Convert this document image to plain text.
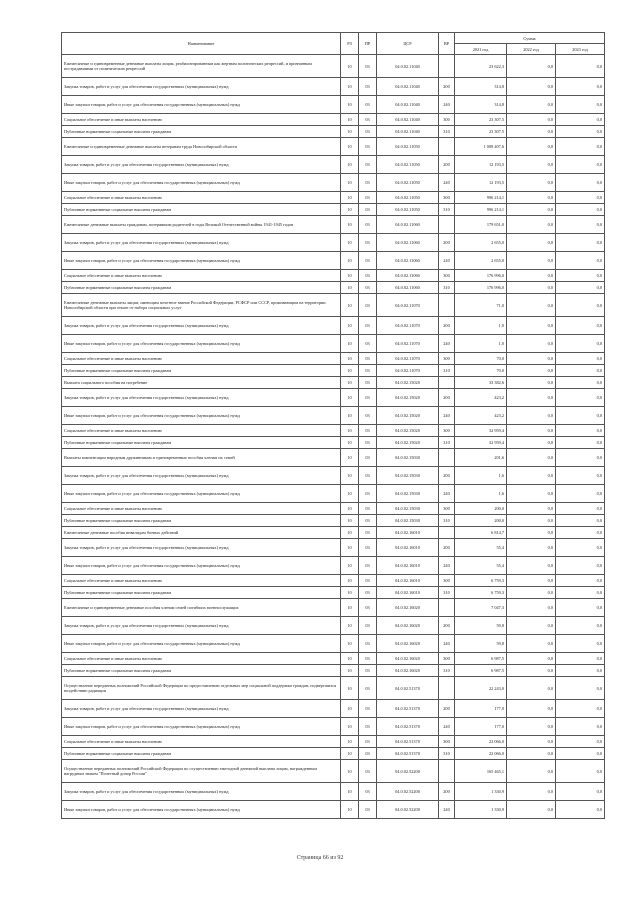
Наименование	РЗ	ПР	ЦСР	ВР	Сумма		
					2021 год	2022 год	2023 год
Ежемесячные и единовременные денежные выплаты лицам, реабилитированным как жертвам политических репрессий, и признанным пострадавшими от политических репрессий	10	03	04.0.02.11040		23 622,3	0,0	0,0
Закупка товаров, работ и услуг для обеспечения государственных (муниципальных) нужд	10	03	04.0.02.11040	200	314,8	0,0	0,0
Иные закупки товаров, работ и услуг для обеспечения государственных (муниципальных) нужд	10	03	04.0.02.11040	240	314,8	0,0	0,0
Социальное обеспечение и иные выплаты населению	10	03	04.0.02.11040	300	23 307,5	0,0	0,0
Публичные нормативные социальные выплаты гражданам	10	03	04.0.02.11040	310	23 307,5	0,0	0,0
Ежемесячные и единовременные денежные выплаты ветеранам труда Новосибирской области	10	03	04.0.02.11050		1 008 407,6	0,0	0,0
Закупка товаров, работ и услуг для обеспечения государственных (муниципальных) нужд	10	03	04.0.02.11050	200	12 193,5	0,0	0,0
Иные закупки товаров, работ и услуг для обеспечения государственных (муниципальных) нужд	10	03	04.0.02.11050	240	12 193,5	0,0	0,0
Социальное обеспечение и иные выплаты населению	10	03	04.0.02.11050	300	996 214,1	0,0	0,0
Публичные нормативные социальные выплаты гражданам	10	03	04.0.02.11050	310	996 214,1	0,0	0,0
Ежемесячные денежные выплаты гражданам, потерявшим родителей в годы Великой Отечественной войны 1941-1945 годов	10	03	04.0.02.11060		179 651,0	0,0	0,0
Закупка товаров, работ и услуг для обеспечения государственных (муниципальных) нужд	10	03	04.0.02.11060	200	2 655,0	0,0	0,0
Иные закупки товаров, работ и услуг для обеспечения государственных (муниципальных) нужд	10	03	04.0.02.11060	240	2 655,0	0,0	0,0
Социальное обеспечение и иные выплаты населению	10	03	04.0.02.11060	300	176 996,0	0,0	0,0
Публичные нормативные социальные выплаты гражданам	10	03	04.0.02.11060	310	176 996,0	0,0	0,0
Ежемесячные денежные выплаты лицам, имеющим почетное звание Российской Федерации, РСФСР или СССР, проживающим на территории Новосибирской области при отказе от набора социальных услуг	10	03	04.0.02.11070		71,0	0,0	0,0
Закупка товаров, работ и услуг для обеспечения государственных (муниципальных) нужд	10	03	04.0.02.11070	200	1,0	0,0	0,0
Иные закупки товаров, работ и услуг для обеспечения государственных (муниципальных) нужд	10	03	04.0.02.11070	240	1,0	0,0	0,0
Социальное обеспечение и иные выплаты населению	10	03	04.0.02.11070	300	70,0	0,0	0,0
Публичные нормативные социальные выплаты гражданам	10	03	04.0.02.11070	310	70,0	0,0	0,0
Выплата социального пособия на погребение	10	03	04.0.02.15020		33 382,6	0,0	0,0
Закупка товаров, работ и услуг для обеспечения государственных (муниципальных) нужд	10	03	04.0.02.15020	200	423,2	0,0	0,0
Иные закупки товаров, работ и услуг для обеспечения государственных (муниципальных) нужд	10	03	04.0.02.15020	240	423,2	0,0	0,0
Социальное обеспечение и иные выплаты населению	10	03	04.0.02.15020	300	32 959,4	0,0	0,0
Публичные нормативные социальные выплаты гражданам	10	03	04.0.02.15020	310	32 959,4	0,0	0,0
Выплаты компенсации народным дружинникам и единовременные пособия членам их семей	10	03	04.0.02.15030		201,6	0,0	0,0
Закупка товаров, работ и услуг для обеспечения государственных (муниципальных) нужд	10	03	04.0.02.15030	200	1,6	0,0	0,0
Иные закупки товаров, работ и услуг для обеспечения государственных (муниципальных) нужд	10	03	04.0.02.15030	240	1,6	0,0	0,0
Социальное обеспечение и иные выплаты населению	10	03	04.0.02.15030	300	200,0	0,0	0,0
Публичные нормативные социальные выплаты гражданам	10	03	04.0.02.15030	310	200,0	0,0	0,0
Ежемесячные денежные пособия инвалидам боевых действий	10	03	04.0.02.16010		6 814,7	0,0	0,0
Закупка товаров, работ и услуг для обеспечения государственных (муниципальных) нужд	10	03	04.0.02.16010	200	55,4	0,0	0,0
Иные закупки товаров, работ и услуг для обеспечения государственных (муниципальных) нужд	10	03	04.0.02.16010	240	55,4	0,0	0,0
Социальное обеспечение и иные выплаты населению	10	03	04.0.02.16010	300	6 759,3	0,0	0,0
Публичные нормативные социальные выплаты гражданам	10	03	04.0.02.16010	310	6 759,3	0,0	0,0
Ежемесячные и единовременные денежные пособия членам семей погибших военнослужащих	10	03	04.0.02.16020		7 047,3	0,0	0,0
Закупка товаров, работ и услуг для обеспечения государственных (муниципальных) нужд	10	03	04.0.02.16020	200	59,8	0,0	0,0
Иные закупки товаров, работ и услуг для обеспечения государственных (муниципальных) нужд	10	03	04.0.02.16020	240	59,8	0,0	0,0
Социальное обеспечение и иные выплаты населению	10	03	04.0.02.16020	300	6 987,5	0,0	0,0
Публичные нормативные социальные выплаты гражданам	10	03	04.0.02.16020	310	6 987,5	0,0	0,0
Осуществление переданных полномочий Российской Федерации по предоставлению отдельных мер социальной поддержки граждан, подвергшихся воздействию радиации	10	03	04.0.02.51370		22 243,0	0,0	0,0
Закупка товаров, работ и услуг для обеспечения государственных (муниципальных) нужд	10	03	04.0.02.51370	200	177,0	0,0	0,0
Иные закупки товаров, работ и услуг для обеспечения государственных (муниципальных) нужд	10	03	04.0.02.51370	240	177,0	0,0	0,0
Социальное обеспечение и иные выплаты населению	10	03	04.0.02.51370	300	22 066,0	0,0	0,0
Публичные нормативные социальные выплаты гражданам	10	03	04.0.02.51370	310	22 066,0	0,0	0,0
Осуществление переданных полномочий Российской Федерации по осуществлению ежегодной денежной выплаты лицам, награжденным нагрудным знаком "Почетный донор России"	10	03	04.0.02.52200		165 465,1	0,0	0,0
Закупка товаров, работ и услуг для обеспечения государственных (муниципальных) нужд	10	03	04.0.02.52200	200	1 330,9	0,0	0,0
Иные закупки товаров, работ и услуг для обеспечения государственных (муниципальных) нужд	10	03	04.0.02.52200	240	1 330,9	0,0	0,0
Страница 66 из 92
